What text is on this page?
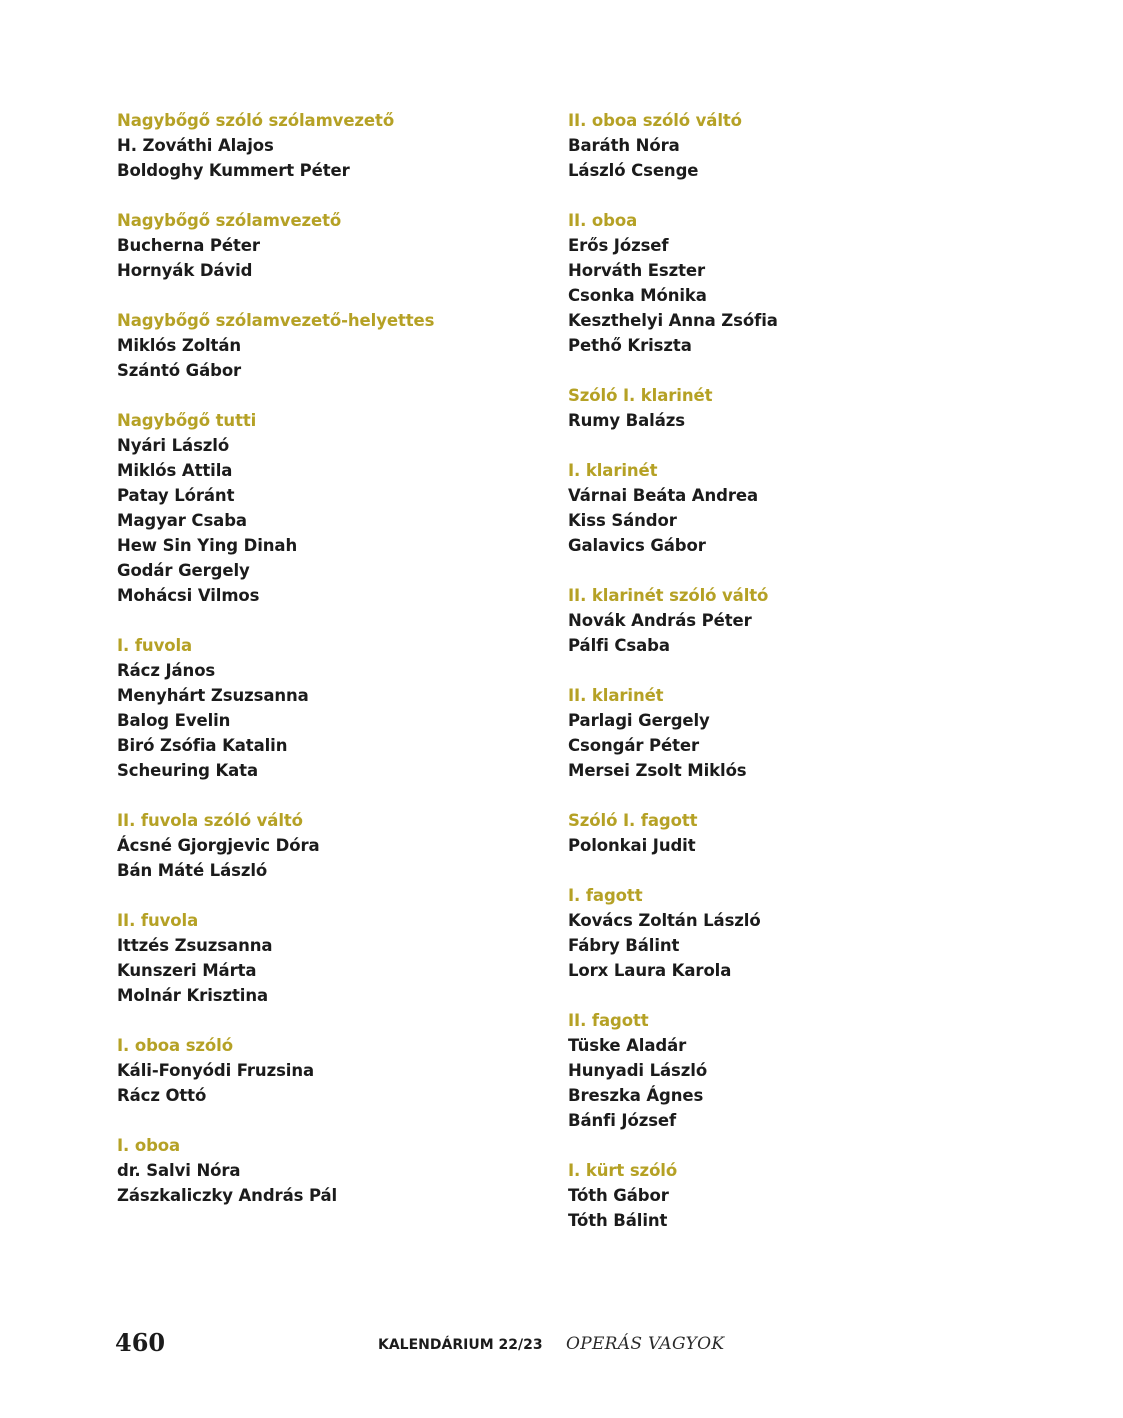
Nagybőgő szóló szólamvezető
H. Zováthi Alajos
Boldoghy Kummert Péter
Nagybőgő szólamvezető
Bucherna Péter
Hornyák Dávid
Nagybőgő szólamvezető-helyettes
Miklós Zoltán
Szántó Gábor
Nagybőgő tutti
Nyári László
Miklós Attila
Patay Lóránt
Magyar Csaba
Hew Sin Ying Dinah
Godár Gergely
Mohácsi Vilmos
I. fuvola
Rácz János
Menyhárt Zsuzsanna
Balog Evelin
Biró Zsófia Katalin
Scheuring Kata
II. fuvola szóló váltó
Ácsné Gjorgjevic Dóra
Bán Máté László
II. fuvola
Ittzés Zsuzsanna
Kunszeri Márta
Molnár Krisztina
I. oboa szóló
Káli-Fonyódi Fruzsina
Rácz Ottó
I. oboa
dr. Salvi Nóra
Zászkaliczky András Pál
II. oboa szóló váltó
Baráth Nóra
László Csenge
II. oboa
Erős József
Horváth Eszter
Csonka Mónika
Keszthelyi Anna Zsófia
Pethő Kriszta
Szóló I. klarinét
Rumy Balázs
I. klarinét
Várnai Beáta Andrea
Kiss Sándor
Galavics Gábor
II. klarinét szóló váltó
Novák András Péter
Pálfi Csaba
II. klarinét
Parlagi Gergely
Csongár Péter
Mersei Zsolt Miklós
Szóló I. fagott
Polonkai Judit
I. fagott
Kovács Zoltán László
Fábry Bálint
Lorx Laura Karola
II. fagott
Tüske Aladár
Hunyadi László
Breszka Ágnes
Bánfi József
I. kürt szóló
Tóth Gábor
Tóth Bálint
460	KALENDÁRIUM 22/23 OPERÁS VAGYOK
